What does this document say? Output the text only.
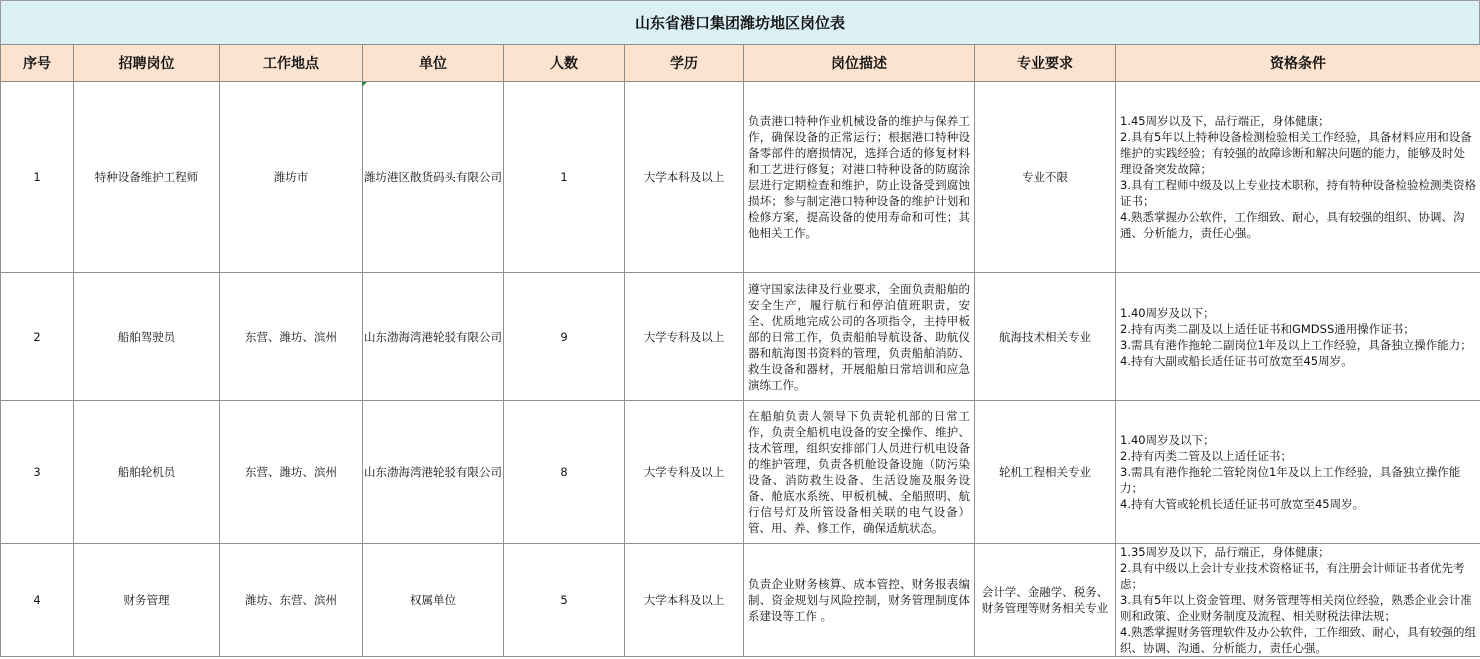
山东省港口集团潍坊地区岗位表
序号	招聘岗位	工作地点	单位	人数	学历	岗位描述	专业要求	资格条件
1	特种设备维护工程师	潍坊市	潍坊港区散货码头有限公司	1	大学本科及以上	负责港口特种作业机械设备的维护与保养工作，确保设备的正常运行；根据港口特种设备零部件的磨损情况，选择合适的修复材料和工艺进行修复；对港口特种设备的防腐涂层进行定期检查和维护，防止设备受到腐蚀损坏；参与制定港口特种设备的维护计划和检修方案，提高设备的使用寿命和可性；其他相关工作。	专业不限	1.45周岁以及下，品行端正，身体健康；
2.具有5年以上特种设备检测检验相关工作经验，具备材料应用和设备维护的实践经验；有较强的故障诊断和解决问题的能力，能够及时处理设备突发故障；
3.具有工程师中级及以上专业技术职称，持有特种设备检验检测类资格证书；
4.熟悉掌握办公软件，工作细致、耐心，具有较强的组织、协调、沟通、分析能力，责任心强。

2	船舶驾驶员	东营、潍坊、滨州	山东渤海湾港轮驳有限公司	9	大学专科及以上	遵守国家法律及行业要求，全面负责船舶的安全生产，履行航行和停泊值班职责，安全、优质地完成公司的各项指令，主持甲板部的日常工作，负责船舶导航设备、助航仪器和航海图书资料的管理，负责船舶消防、救生设备和器材，开展船舶日常培训和应急演练工作。	航海技术相关专业	1.40周岁及以下；
2.持有丙类二副及以上适任证书和GMDSS通用操作证书；
3.需具有港作拖轮二副岗位1年及以上工作经验，具备独立操作能力；
4.持有大副或船长适任证书可放宽至45周岁。

3	船舶轮机员	东营、潍坊、滨州	山东渤海湾港轮驳有限公司	8	大学专科及以上	在船舶负责人领导下负责轮机部的日常工作，负责全船机电设备的安全操作、维护、技术管理，组织安排部门人员进行机电设备的维护管理，负责各机舱设备设施（防污染设备、消防救生设备、生活设施及服务设备、舱底水系统、甲板机械、全船照明、航行信号灯及所管设备相关联的电气设备）管、用、养、修工作，确保适航状态。	轮机工程相关专业	1.40周岁及以下；
2.持有丙类二管及以上适任证书；
3.需具有港作拖轮二管轮岗位1年及以上工作经验，具备独立操作能力；
4.持有大管或轮机长适任证书可放宽至45周岁。

4	财务管理	潍坊、东营、滨州	权属单位	5	大学本科及以上	负责企业财务核算、成本管控、财务报表编制、资金规划与风险控制，财务管理制度体系建设等工作 。	会计学、金融学、税务、财务管理等财务相关专业	1.35周岁及以下，品行端正，身体健康；
2.具有中级以上会计专业技术资格证书，有注册会计师证书者优先考虑；
3.具有5年以上资金管理、财务管理等相关岗位经验，熟悉企业会计准则和政策、企业财务制度及流程、相关财税法律法规；
4.熟悉掌握财务管理软件及办公软件，工作细致、耐心，具有较强的组织、协调、沟通、分析能力，责任心强。
